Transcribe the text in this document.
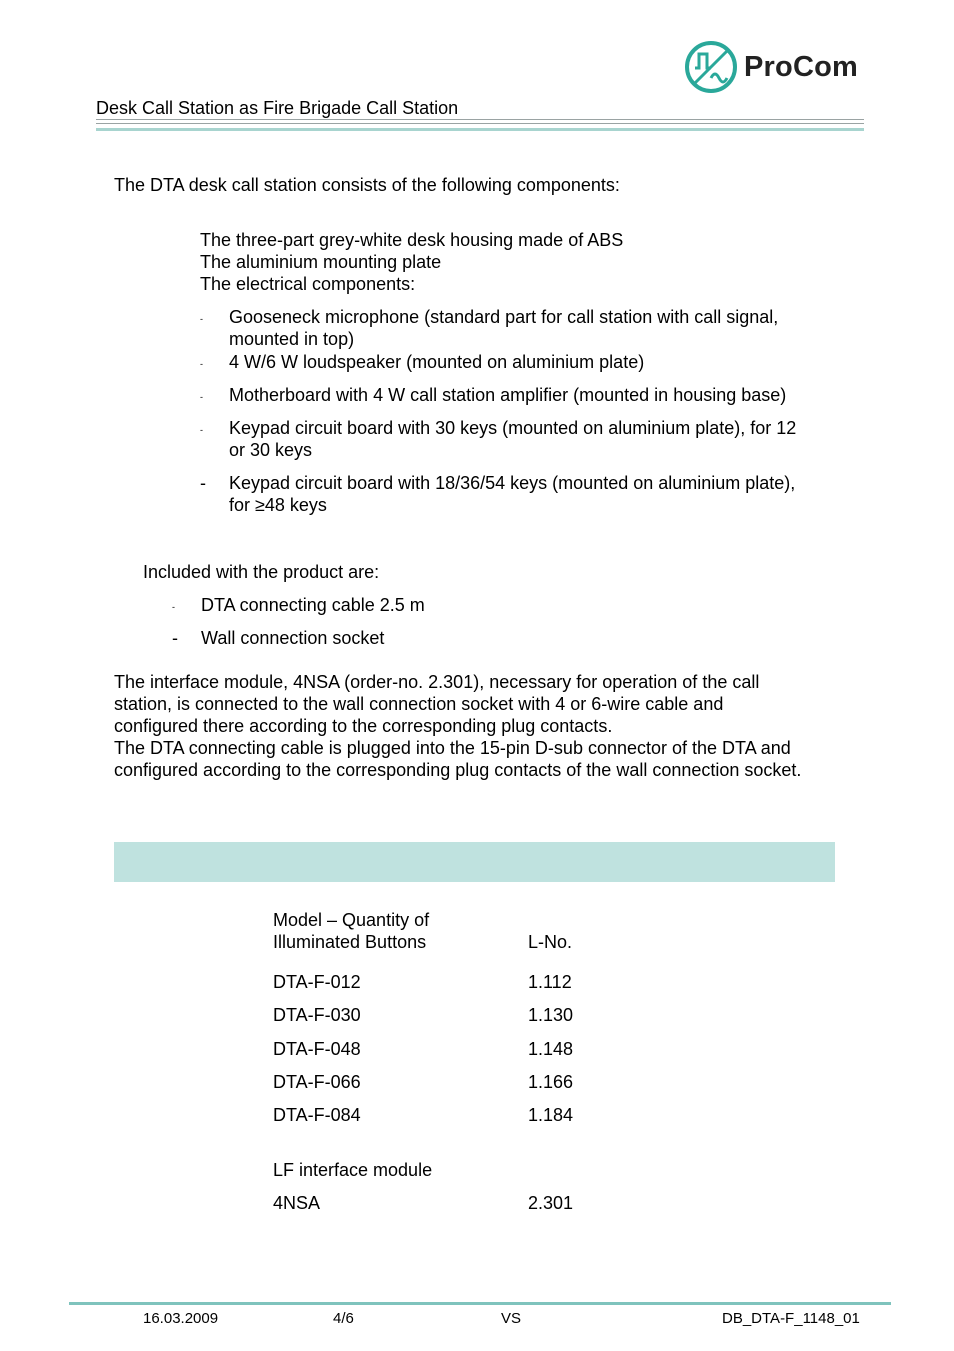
ProCom
Desk Call Station as Fire Brigade Call Station
The DTA desk call station consists of the following components:
The three-part grey-white desk housing made of ABS
The aluminium mounting plate
The electrical components:
- Gooseneck microphone (standard part for call station with call signal,
mounted in top)
- 4 W/6 W loudspeaker (mounted on aluminium plate)
- Motherboard with 4 W call station amplifier (mounted in housing base)
- Keypad circuit board with 30 keys (mounted on aluminium plate), for 12
or 30 keys
- Keypad circuit board with 18/36/54 keys (mounted on aluminium plate),
for ≥48 keys
Included with the product are:
- DTA connecting cable 2.5 m
- Wall connection socket
The interface module, 4NSA (order-no. 2.301), necessary for operation of the call
station, is connected to the wall connection socket with 4 or 6-wire cable and
configured there according to the corresponding plug contacts.
The DTA connecting cable is plugged into the 15-pin D-sub connector of the DTA and
configured according to the corresponding plug contacts of the wall connection socket.
Model – Quantity of
Illuminated Buttons	L-No.
DTA-F-012	1.112
DTA-F-030	1.130
DTA-F-048	1.148
DTA-F-066	1.166
DTA-F-084	1.184
LF interface module
4NSA	2.301
16.03.2009	4/6	VS	DB_DTA-F_1148_01
